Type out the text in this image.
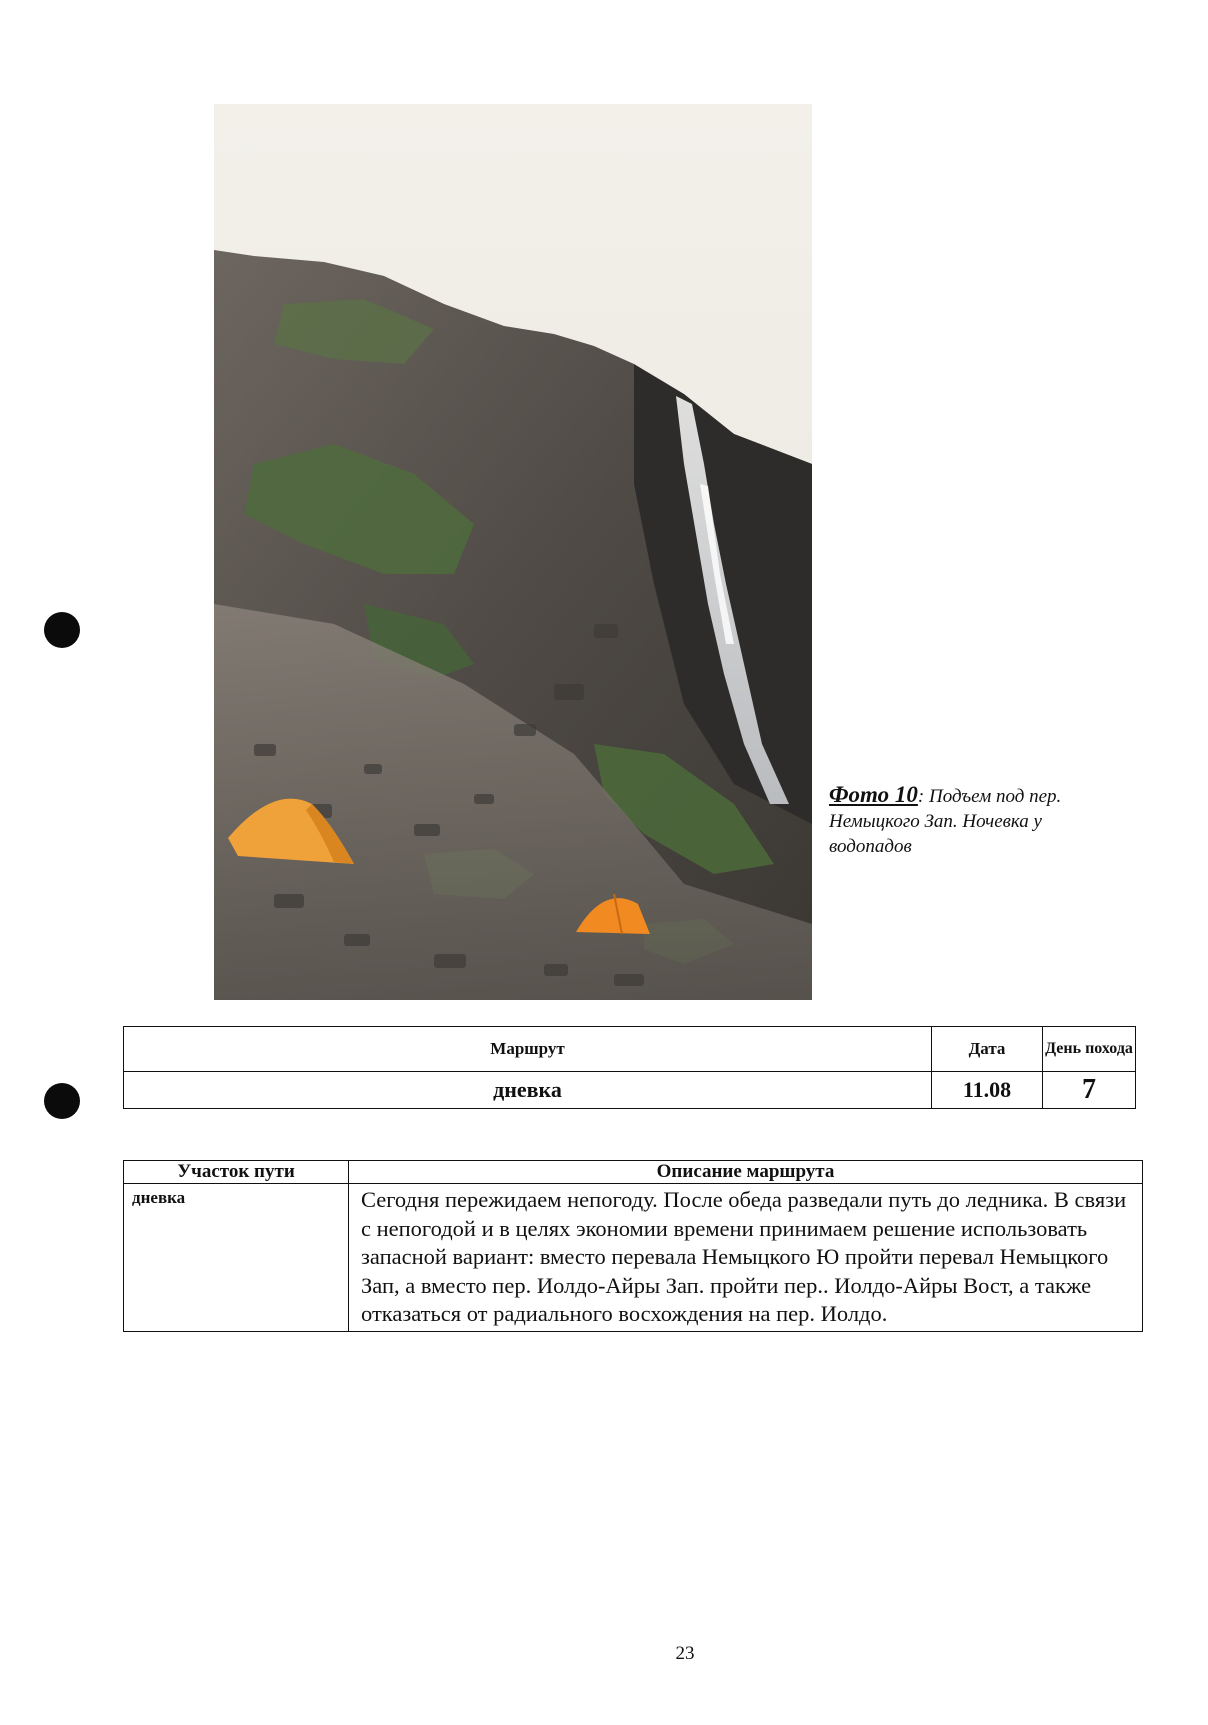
Фото 10: Подъем под пер. Немыцкого Зап. Ночевка у водопадов
Маршрут	Дата	День похода
дневка	11.08	7
Участок пути	Описание маршрута
дневка	Сегодня пережидаем непогоду. После обеда разведали путь до ледника. В связи с непогодой и в целях экономии времени принимаем решение использовать запасной вариант: вместо перевала Немыцкого Ю пройти перевал Немыцкого Зап, а вместо пер. Иолдо-Айры Зап. пройти пер.. Иолдо-Айры Вост, а также отказаться от радиального восхождения на пер. Иолдо.
23
